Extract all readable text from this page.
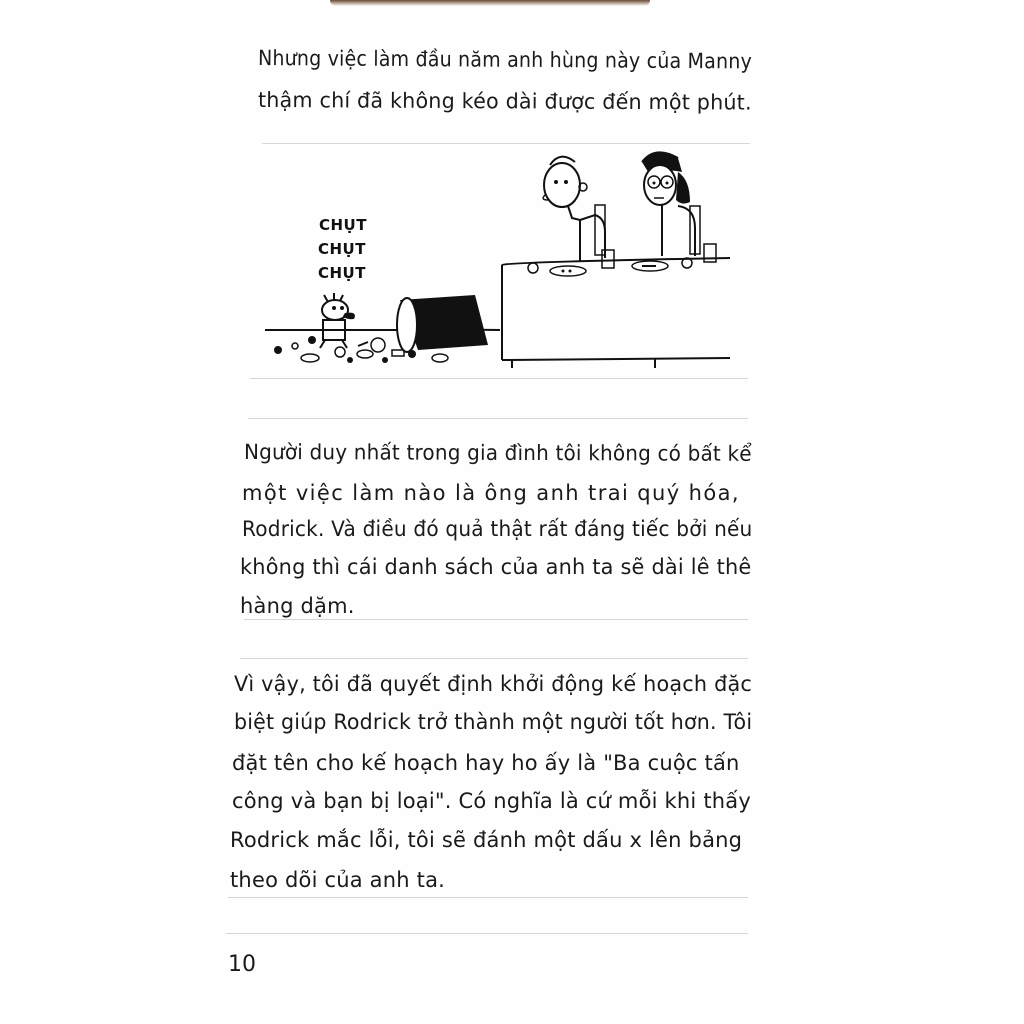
Nhưng việc làm đầu năm anh hùng này của Manny
thậm chí đã không kéo dài được đến một phút.
CHỤT
CHỤT
CHỤT
Người duy nhất trong gia đình tôi không có bất kể
một việc làm nào là ông anh trai quý hóa,
Rodrick. Và điều đó quả thật rất đáng tiếc bởi nếu
không thì cái danh sách của anh ta sẽ dài lê thê
hàng dặm.
Vì vậy, tôi đã quyết định khởi động kế hoạch đặc
biệt giúp Rodrick trở thành một người tốt hơn. Tôi
đặt tên cho kế hoạch hay ho ấy là "Ba cuộc tấn
công và bạn bị loại". Có nghĩa là cứ mỗi khi thấy
Rodrick mắc lỗi, tôi sẽ đánh một dấu x lên bảng
theo dõi của anh ta.
10
